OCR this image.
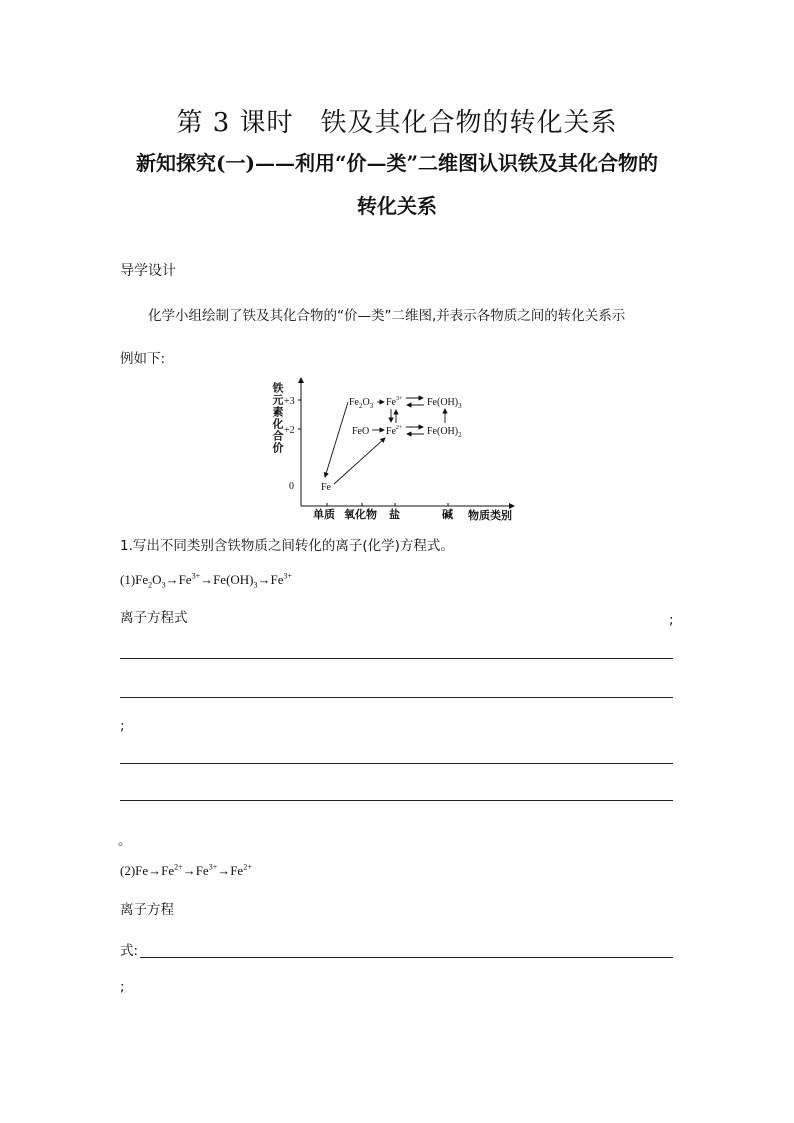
第 3 课时　铁及其化合物的转化关系
新知探究(一)——利用“价—类”二维图认识铁及其化合物的
转化关系
导学设计
化学小组绘制了铁及其化合物的“价—类”二维图,并表示各物质之间的转化关系示
例如下:
铁元素化合价 +3
+2
0
单质 氧化物 盐	碱 物质类别
Fe
$Fe_2O_3$ $Fe^{3+}$ $Fe(OH)_3$
FeO $Fe^{2+}$ $Fe(OH)_2$
1.写出不同类别含铁物质之间转化的离子(化学)方程式。
$(1)Fe_2O_3\to Fe^{3+}\to Fe(OH)_3\to Fe^{3+}$
离子方程式	;
;
。
$(2)Fe\to Fe^{2+}\to Fe^{3+}\to Fe^{2+}$
离子方程
式:
;
